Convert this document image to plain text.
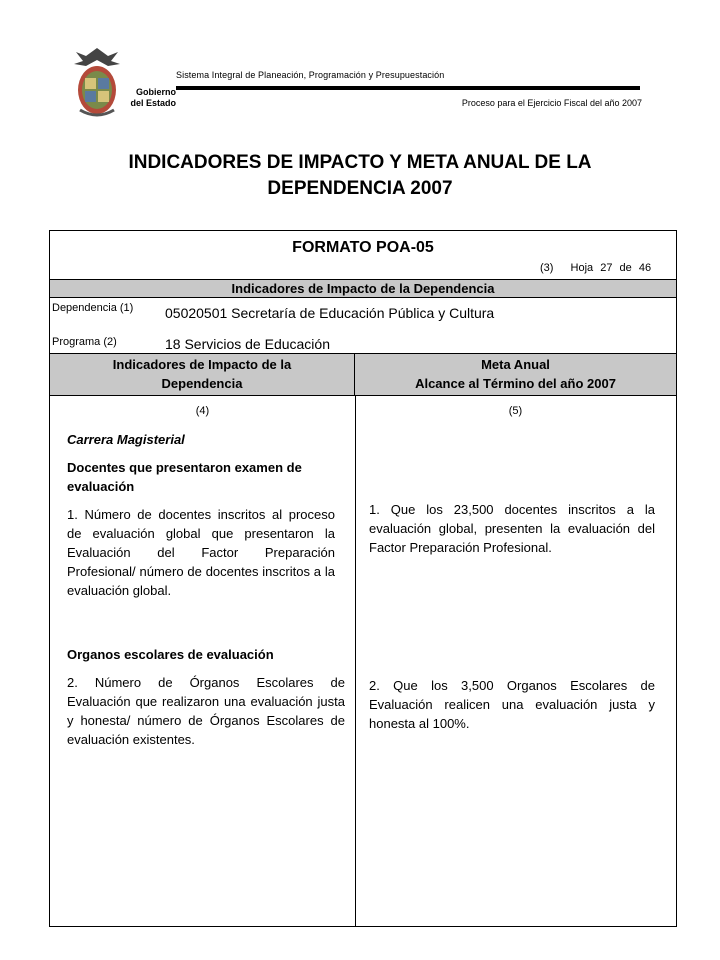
Gobierno
del Estado
Sistema Integral de Planeación, Programación y Presupuestación
Proceso para el Ejercicio Fiscal del año 2007
INDICADORES DE IMPACTO Y META ANUAL DE LA
DEPENDENCIA 2007
FORMATO POA-05
(3) Hoja 27 de 46
Indicadores de Impacto de la Dependencia
Dependencia (1) 05020501 Secretaría de Educación Pública y Cultura
Programa (2)	18 Servicios de Educación
Indicadores de Impacto de la
Dependencia
Meta Anual
Alcance al Término del año 2007
(4)	(5)
Carrera Magisterial
Docentes que presentaron examen de evaluación
1. Número de docentes inscritos al proceso de evaluación global que presentaron la Evaluación del Factor Preparación Profesional/ número de docentes inscritos a la evaluación global.
Organos escolares de evaluación
2. Número de Órganos Escolares de Evaluación que realizaron una evaluación justa y honesta/ número de Órganos Escolares de evaluación existentes.
1. Que los 23,500 docentes inscritos a la evaluación global, presenten la evaluación del Factor Preparación Profesional.
2. Que los 3,500 Organos Escolares de Evaluación realicen una evaluación justa y honesta al 100%.
